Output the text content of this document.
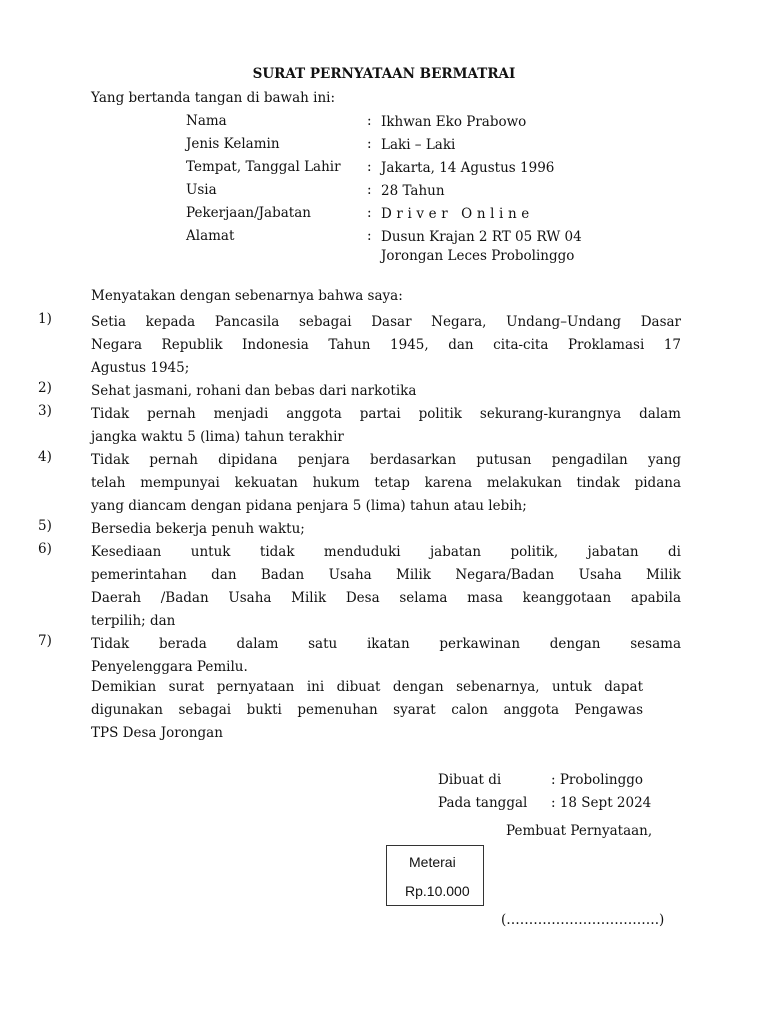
SURAT PERNYATAAN BERMATRAI
Yang bertanda tangan di bawah ini:
Nama	: Ikhwan Eko Prabowo
Jenis Kelamin	: Laki – Laki
Tempat, Tanggal Lahir : Jakarta, 14 Agustus 1996
Usia	: 28 Tahun
Pekerjaan/Jabatan	: Driver Online
Alamat	: Dusun Krajan 2 RT 05 RW 04
Jorongan Leces Probolinggo
Menyatakan dengan sebenarnya bahwa saya:
1)	Setia kepada Pancasila sebagai Dasar Negara, Undang–Undang Dasar
Negara Republik Indonesia Tahun 1945, dan cita-cita Proklamasi 17
Agustus 1945;
2)	Sehat jasmani, rohani dan bebas dari narkotika
3)	Tidak pernah menjadi anggota partai politik sekurang-kurangnya dalam
jangka waktu 5 (lima) tahun terakhir
4)	Tidak pernah dipidana penjara berdasarkan putusan pengadilan yang
telah mempunyai kekuatan hukum tetap karena melakukan tindak pidana
yang diancam dengan pidana penjara 5 (lima) tahun atau lebih;
5)	Bersedia bekerja penuh waktu;
6)	Kesediaan untuk tidak menduduki jabatan politik, jabatan di
pemerintahan dan Badan Usaha Milik Negara/Badan Usaha Milik
Daerah /Badan Usaha Milik Desa selama masa keanggotaan apabila
terpilih; dan
7)	Tidak berada dalam satu ikatan perkawinan dengan sesama
Penyelenggara Pemilu.
Demikian surat pernyataan ini dibuat dengan sebenarnya, untuk dapat
digunakan sebagai bukti pemenuhan syarat calon anggota Pengawas
TPS Desa Jorongan
Dibuat di	: Probolinggo
Pada tanggal : 18 Sept 2024
Pembuat Pernyataan,
Meterai
Rp.10.000
(…………………………….)
